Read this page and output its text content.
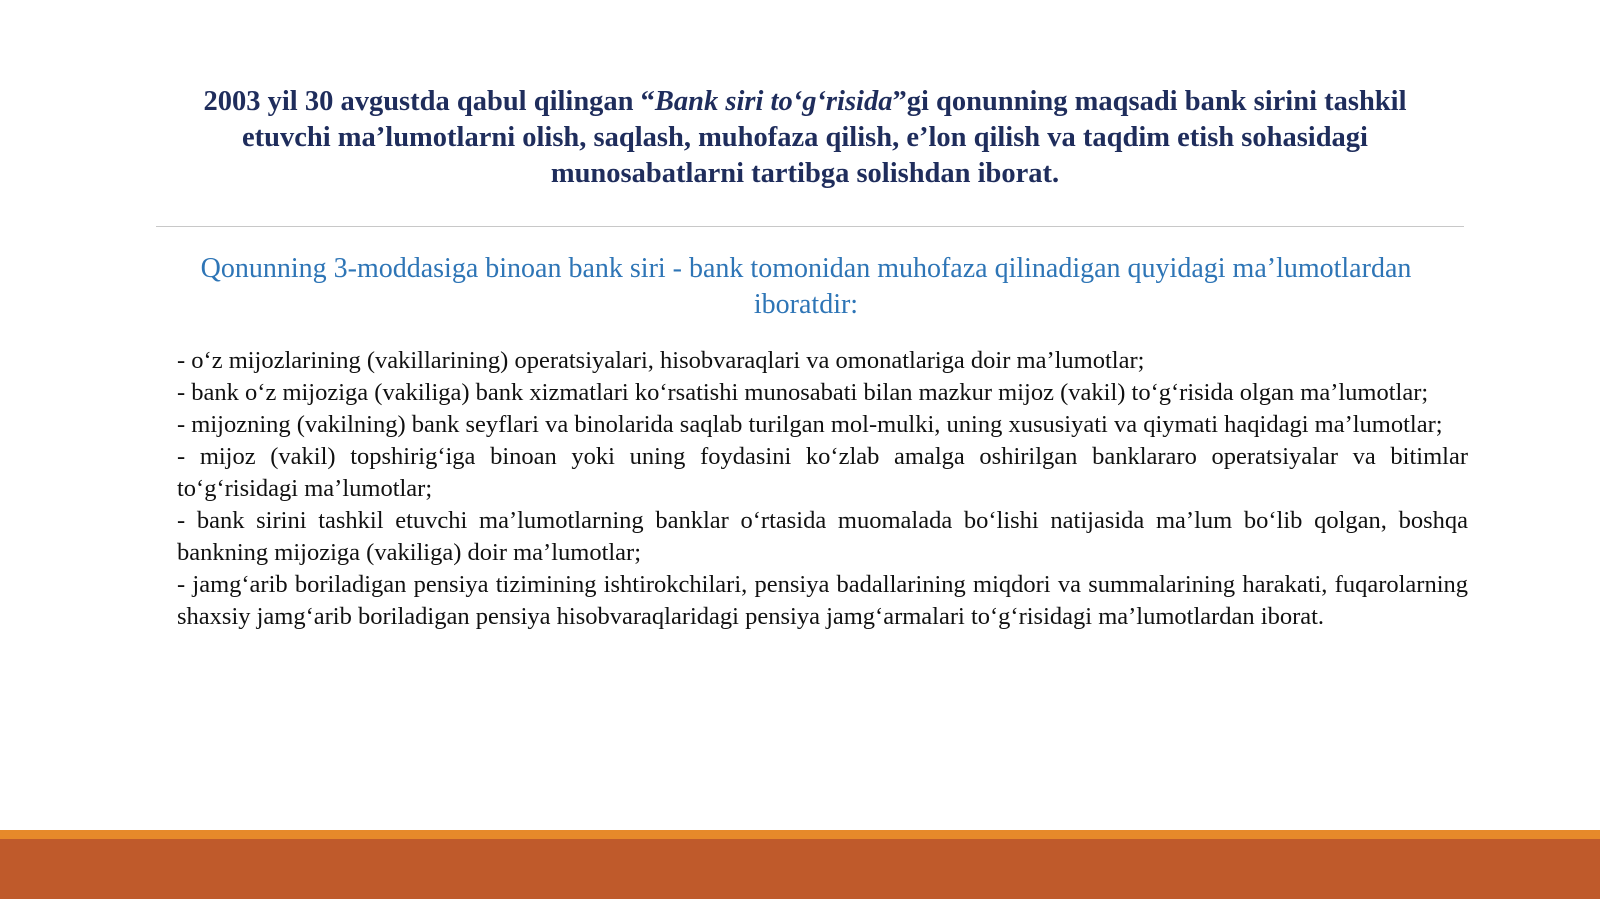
2003 yil 30 avgustda qabul qilingan “Bank siri to‘g‘risida”gi qonunning maqsadi bank sirini tashkil etuvchi ma’lumotlarni olish, saqlash, muhofaza qilish, e’lon qilish va taqdim etish sohasidagi munosabatlarni tartibga solishdan iborat.
Qonunning 3-moddasiga binoan bank siri - bank tomonidan muhofaza qilinadigan quyidagi ma’lumotlardan iboratdir:

- o‘z mijozlarining (vakillarining) operatsiyalari, hisobvaraqlari va omonatlariga doir ma’lumotlar;

- bank o‘z mijoziga (vakiliga) bank xizmatlari ko‘rsatishi munosabati bilan mazkur mijoz (vakil) to‘g‘risida olgan ma’lumotlar;

- mijozning (vakilning) bank seyflari va binolarida saqlab turilgan mol-mulki, uning xususiyati va qiymati haqidagi ma’lumotlar;

- mijoz (vakil) topshirig‘iga binoan yoki uning foydasini ko‘zlab amalga oshirilgan banklararo operatsiyalar va bitimlar to‘g‘risidagi ma’lumotlar;

- bank sirini tashkil etuvchi ma’lumotlarning banklar o‘rtasida muomalada bo‘lishi natijasida ma’lum bo‘lib qolgan, boshqa bankning mijoziga (vakiliga) doir ma’lumotlar;

- jamg‘arib boriladigan pensiya tizimining ishtirokchilari, pensiya badallarining miqdori va summalarining harakati, fuqarolarning shaxsiy jamg‘arib boriladigan pensiya hisobvaraqlaridagi pensiya jamg‘armalari to‘g‘risidagi ma’lumotlardan iborat.
